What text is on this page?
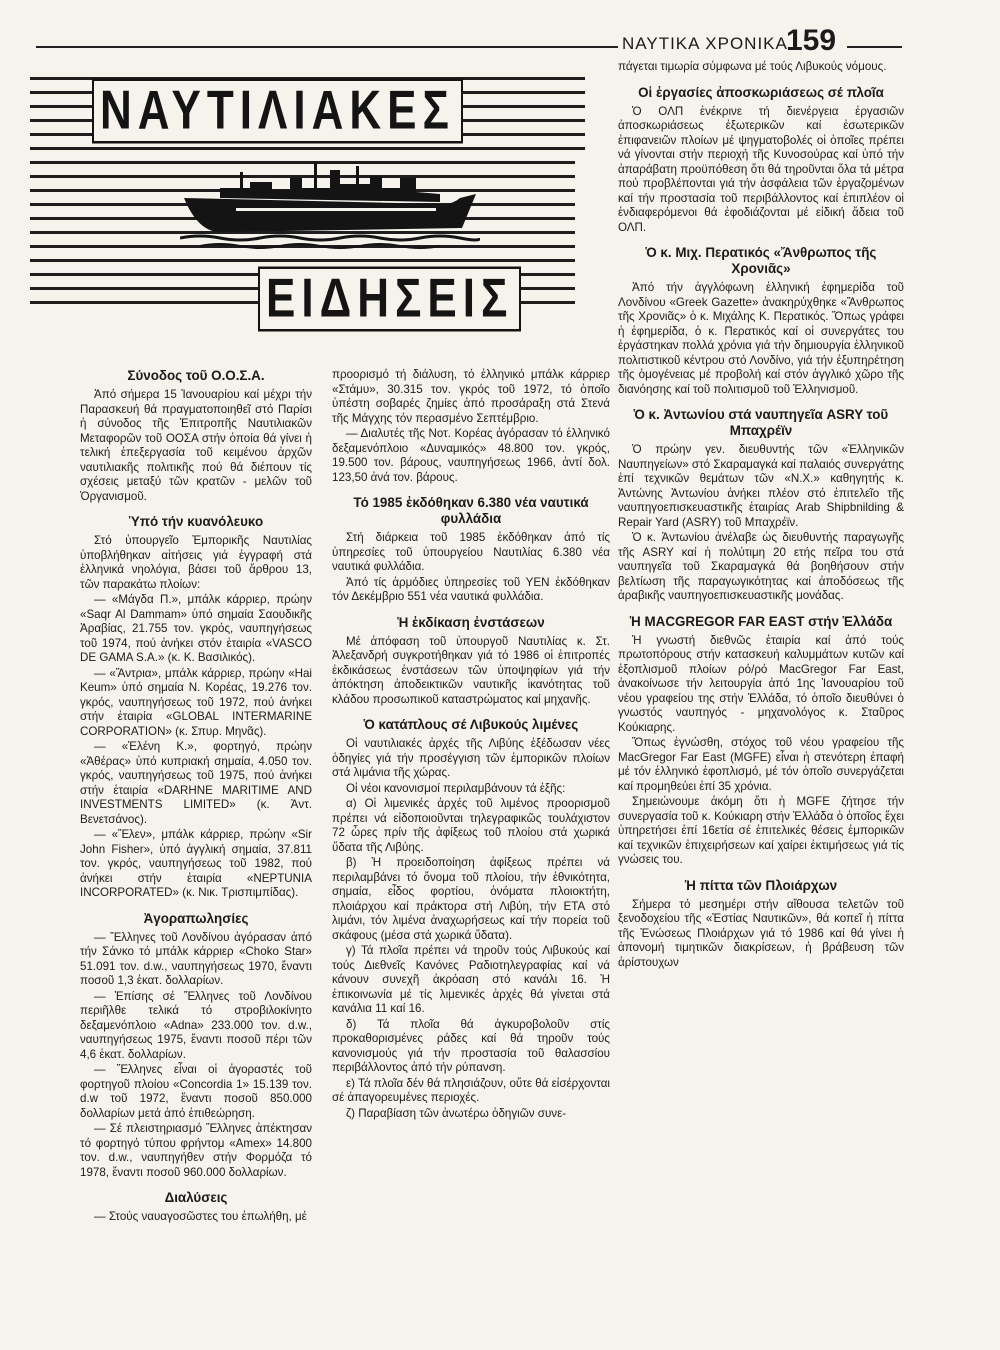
ΝΑΥΤΙΚΑ ΧΡΟΝΙΚΑ
159
ΝΑΥΤΙΛΙΑΚΕΣ
ΕΙΔΗΣΕΙΣ
Σύνοδος τοῦ Ο.Ο.Σ.Α.

Ἀπό σήμερα 15 Ἰανουαρίου καί μέχρι τήν Παρασκευή θά πραγματοποιηθεῖ στό Παρίσι ἡ σύνοδος τῆς Ἐπιτροπῆς Ναυτιλιακῶν Μεταφορῶν τοῦ ΟΟΣΑ στήν ὁποία θά γίνει ἡ τελική ἐπεξεργασία τοῦ κειμένου ἀρχῶν ναυτιλιακῆς πολιτικῆς πού θά διέπουν τίς σχέσεις μεταξύ τῶν κρατῶν - μελῶν τοῦ Ὀργανισμοῦ.

Ὑπό τήν κυανόλευκο

Στό ὑπουργεῖο Ἐμπορικῆς Ναυτιλίας ὑποβλήθηκαν αἰτήσεις γιά ἐγγραφή στά ἑλληνικά νηολόγια, βάσει τοῦ ἄρθρου 13, τῶν παρακάτω πλοίων:

— «Μάγδα Π.», μπάλκ κάρριερ, πρώην «Saqr Al Dammam» ὑπό σημαία Σαουδικῆς Ἀραβίας, 21.755 τον. γκρός, ναυπηγήσεως τοῦ 1974, πού ἀνήκει στόν ἑταιρία «VASCO DE GAMA S.A.» (κ. Κ. Βασιλικός).

— «Ἄντρια», μπάλκ κάρριερ, πρώην «Hai Keum» ὑπό σημαία Ν. Κορέας, 19.276 τον. γκρός, ναυπηγήσεως τοῦ 1972, πού ἀνήκει στήν ἑταιρία «GLOBAL INTERMARINE CORPORATION» (κ. Σπυρ. Μηνᾶς).

— «Ἑλένη Κ.», φορτηγό, πρώην «Ἀθέρας» ὑπό κυπριακή σημαία, 4.050 τον. γκρός, ναυπηγήσεως τοῦ 1975, πού ἀνήκει στήν ἑταιρία «DARHNE MARITIME AND INVESTMENTS LIMITED» (κ. Ἀντ. Βενετσάνος).

— «Ἕλεν», μπάλκ κάρριερ, πρώην «Sir John Fisher», ὑπό ἀγγλική σημαία, 37.811 τον. γκρός, ναυπηγήσεως τοῦ 1982, πού ἀνήκει στήν ἑταιρία «NEPTUNIA INCORPORATED» (κ. Νικ. Τρισπιμπίδας).

Ἀγοραπωλησίες

— Ἕλληνες τοῦ Λονδίνου ἀγόρασαν ἀπό τήν Σάνκο τό μπάλκ κάρριερ «Choko Star» 51.091 τον. d.w., ναυπηγήσεως 1970, ἔναντι ποσοῦ 1,3 ἑκατ. δολλαρίων.

— Ἐπίσης σέ Ἕλληνες τοῦ Λονδίνου περιῆλθε τελικά τό στροβιλοκίνητο δεξαμενόπλοιο «Adna» 233.000 τον. d.w., ναυπηγήσεως 1975, ἔναντι ποσοῦ πέρι τῶν 4,6 ἑκατ. δολλαρίων.

— Ἕλληνες εἶναι οἱ ἀγοραστές τοῦ φορτηγοῦ πλοίου «Concordia 1» 15.139 τον. d.w τοῦ 1972, ἔναντι ποσοῦ 850.000 δολλαρίων μετά ἀπό ἐπιθεώρηση.

— Σέ πλειστηριασμό Ἕλληνες ἀπέκτησαν τό φορτηγό τύπου φρήντομ «Amex» 14.800 τον. d.w., ναυπηγήθεν στήν Φορμόζα τό 1978, ἔναντι ποσοῦ 960.000 δολλαρίων.

Διαλύσεις

— Στούς ναυαγοσῶστες του ἐπωλήθη, μέ

προορισμό τή διάλυση, τό ἑλληνικό μπάλκ κάρριερ «Στάμυ», 30.315 τον. γκρός τοῦ 1972, τό ὁποῖο ὑπέστη σοβαρές ζημίες ἀπό προσάραξη στά Στενά τῆς Μάγχης τόν περασμένο Σεπτέμβριο.

— Διαλυτές τῆς Νοτ. Κορέας ἀγόρασαν τό ἑλληνικό δεξαμενόπλοιο «Δυναμικός» 48.800 τον. γκρός, 19.500 τον. βάρους, ναυπηγήσεως 1966, ἀντί δολ. 123,50 ἀνά τον. βάρους.

Τό 1985 ἐκδόθηκαν 6.380 νέα ναυτικά φυλλάδια

Στή διάρκεια τοῦ 1985 ἐκδόθηκαν ἀπό τίς ὑπηρεσίες τοῦ ὑπουργείου Ναυτιλίας 6.380 νέα ναυτικά φυλλάδια.

Ἀπό τίς ἁρμόδιες ὑπηρεσίες τοῦ ΥΕΝ ἐκδόθηκαν τόν Δεκέμβριο 551 νέα ναυτικά φυλλάδια.

Ἡ ἐκδίκαση ἐνστάσεων

Μέ ἀπόφαση τοῦ ὑπουργοῦ Ναυτιλίας κ. Στ. Ἀλεξανδρή συγκροτήθηκαν γιά τό 1986 οἱ ἐπιτροπές ἐκδικάσεως ἐνστάσεων τῶν ὑποψηφίων γιά τήν ἀπόκτηση ἀποδεικτικῶν ναυτικῆς ἱκανότητας τοῦ κλάδου προσωπικοῦ καταστρώματος καί μηχανῆς.

Ὁ κατάπλους σέ Λιβυκούς λιμένες

Οἱ ναυτιλιακές ἀρχές τῆς Λιβύης ἐξέδωσαν νέες ὁδηγίες γιά τήν προσέγγιση τῶν ἐμπορικῶν πλοίων στά λιμάνια τῆς χώρας.

Οἱ νέοι κανονισμοί περιλαμβάνουν τά ἑξῆς:

α) Οἱ λιμενικές ἀρχές τοῦ λιμένος προορισμοῦ πρέπει νά εἰδοποιοῦνται τηλεγραφικῶς τουλάχιστον 72 ὧρες πρίν τῆς ἀφίξεως τοῦ πλοίου στά χωρικά ὕδατα τῆς Λιβύης.

β) Ἡ προειδοποίηση ἀφίξεως πρέπει νά περιλαμβάνει τό ὄνομα τοῦ πλοίου, τήν ἐθνικότητα, σημαία, εἶδος φορτίου, ὀνόματα πλοιοκτήτη, πλοιάρχου καί πράκτορα στή Λιβύη, τήν ΕΤΑ στό λιμάνι, τόν λιμένα ἀναχωρήσεως καί τήν πορεία τοῦ σκάφους (μέσα στά χωρικά ὕδατα).

γ) Τά πλοῖα πρέπει νά τηροῦν τούς Λιβυκούς καί τούς Διεθνεῖς Κανόνες Ραδιοτηλεγραφίας καί νά κάνουν συνεχῆ ἀκρόαση στό κανάλι 16. Ἡ ἐπικοινωνία μέ τίς λιμενικές ἀρχές θά γίνεται στά κανάλια 11 καί 16.

δ) Τά πλοῖα θά ἀγκυροβολοῦν στίς προκαθορισμένες ράδες καί θά τηροῦν τούς κανονισμούς γιά τήν προστασία τοῦ θαλασσίου περιβάλλοντος ἀπό τήν ρύπανση.

ε) Τά πλοῖα δέν θά πλησιάζουν, οὔτε θά εἰσέρχονται σέ ἀπαγορευμένες περιοχές.

ζ) Παραβίαση τῶν ἀνωτέρω ὁδηγιῶν συνε-

πάγεται τιμωρία σύμφωνα μέ τούς Λιβυκούς νόμους.

Οἱ ἐργασίες ἀποσκωριάσεως σέ πλοῖα

Ὁ ΟΛΠ ἐνέκρινε τή διενέργεια ἐργασιῶν ἀποσκωριάσεως ἐξωτερικῶν καί ἐσωτερικῶν ἐπιφανειῶν πλοίων μέ ψηγματοβολές οἱ ὁποῖες πρέπει νά γίνονται στήν περιοχή τῆς Κυνοσούρας καί ὑπό τήν ἀπαράβατη προϋπόθεση ὅτι θά τηροῦνται ὅλα τά μέτρα πού προβλέπονται γιά τήν ἀσφάλεια τῶν ἐργαζομένων καί τήν προστασία τοῦ περιβάλλοντος καί ἐπιπλέον οἱ ἐνδιαφερόμενοι θά ἐφοδιάζονται μέ εἰδική ἄδεια τοῦ ΟΛΠ.

Ὁ κ. Μιχ. Περατικός «Ἄνθρωπος τῆς Χρονιᾶς»

Ἀπό τήν ἀγγλόφωνη ἑλληνική ἐφημερίδα τοῦ Λονδίνου «Greek Gazette» ἀνακηρύχθηκε «Ἄνθρωπος τῆς Χρονιᾶς» ὁ κ. Μιχάλης Κ. Περατικός. Ὅπως γράφει ἡ ἐφημερίδα, ὁ κ. Περατικός καί οἱ συνεργάτες του ἐργάστηκαν πολλά χρόνια γιά τήν δημιουργία ἑλληνικοῦ πολιτιστικοῦ κέντρου στό Λονδίνο, γιά τήν ἐξυπηρέτηση τῆς ὁμογένειας μέ προβολή καί στόν ἀγγλικό χῶρο τῆς διανόησης καί τοῦ πολιτισμοῦ τοῦ Ἑλληνισμοῦ.

Ὁ κ. Ἀντωνίου στά ναυπηγεῖα ASRY τοῦ Μπαχρέϊν

Ὁ πρώην γεν. διευθυντής τῶν «Ἑλληνικῶν Ναυπηγείων» στό Σκαραμαγκά καί παλαιός συνεργάτης ἐπί τεχνικῶν θεμάτων τῶν «Ν.Χ.» καθηγητής κ. Ἀντώνης Ἀντωνίου ἀνήκει πλέον στό ἐπιτελεῖο τῆς ναυπηγοεπισκευαστικῆς ἑταιρίας Arab Shipbnilding & Repair Yard (ASRY) τοῦ Μπαχρέϊν.

Ὁ κ. Ἀντωνίου ἀνέλαβε ὡς διευθυντής παραγωγῆς τῆς ASRY καί ἡ πολύτιμη 20 ετής πεῖρα του στά ναυπηγεῖα τοῦ Σκαραμαγκά θά βοηθήσουν στήν βελτίωση τῆς παραγωγικότητας καί ἀποδόσεως τῆς ἀραβικῆς ναυπηγοεπισκευαστικῆς μονάδας.

Ἡ MACGREGOR FAR EAST στήν Ἑλλάδα

Ἡ γνωστή διεθνῶς ἑταιρία καί ἀπό τούς πρωτοπόρους στήν κατασκευή καλυμμάτων κυτῶν καί ἐξοπλισμοῦ πλοίων ρό/ρό MacGregor Far East, ἀνακοίνωσε τήν λειτουργία ἀπό 1ης Ἰανουαρίου τοῦ νέου γραφείου της στήν Ἑλλάδα, τό ὁποῖο διευθύνει ὁ γνωστός ναυπηγός - μηχανολόγος κ. Σταῦρος Κούκιαρης.

Ὅπως ἐγνώσθη, στόχος τοῦ νέου γραφείου τῆς MacGregor Far East (MGFE) εἶναι ἡ στενότερη ἐπαφή μέ τόν ἑλληνικό ἐφοπλισμό, μέ τόν ὁποῖο συνεργάζεται καί προμηθεύει ἐπί 35 χρόνια.

Σημειώνουμε ἀκόμη ὅτι ἡ MGFE ζήτησε τήν συνεργασία τοῦ κ. Κούκιαρη στήν Ἑλλάδα ὁ ὁποῖος ἔχει ὑπηρετήσει ἐπί 16ετία σέ ἐπιτελικές θέσεις ἐμπορικῶν καί τεχνικῶν ἐπιχειρήσεων καί χαίρει ἐκτιμήσεως γιά τίς γνώσεις του.

Ἡ πίττα τῶν Πλοιάρχων

Σήμερα τό μεσημέρι στήν αἴθουσα τελετῶν τοῦ ξενοδοχείου τῆς «Ἑστίας Ναυτικῶν», θά κοπεῖ ἡ πίττα τῆς Ἑνώσεως Πλοιάρχων γιά τό 1986 καί θά γίνει ἡ ἀπονομή τιμητικῶν διακρίσεων, ἡ βράβευση τῶν ἀρίστουχων
